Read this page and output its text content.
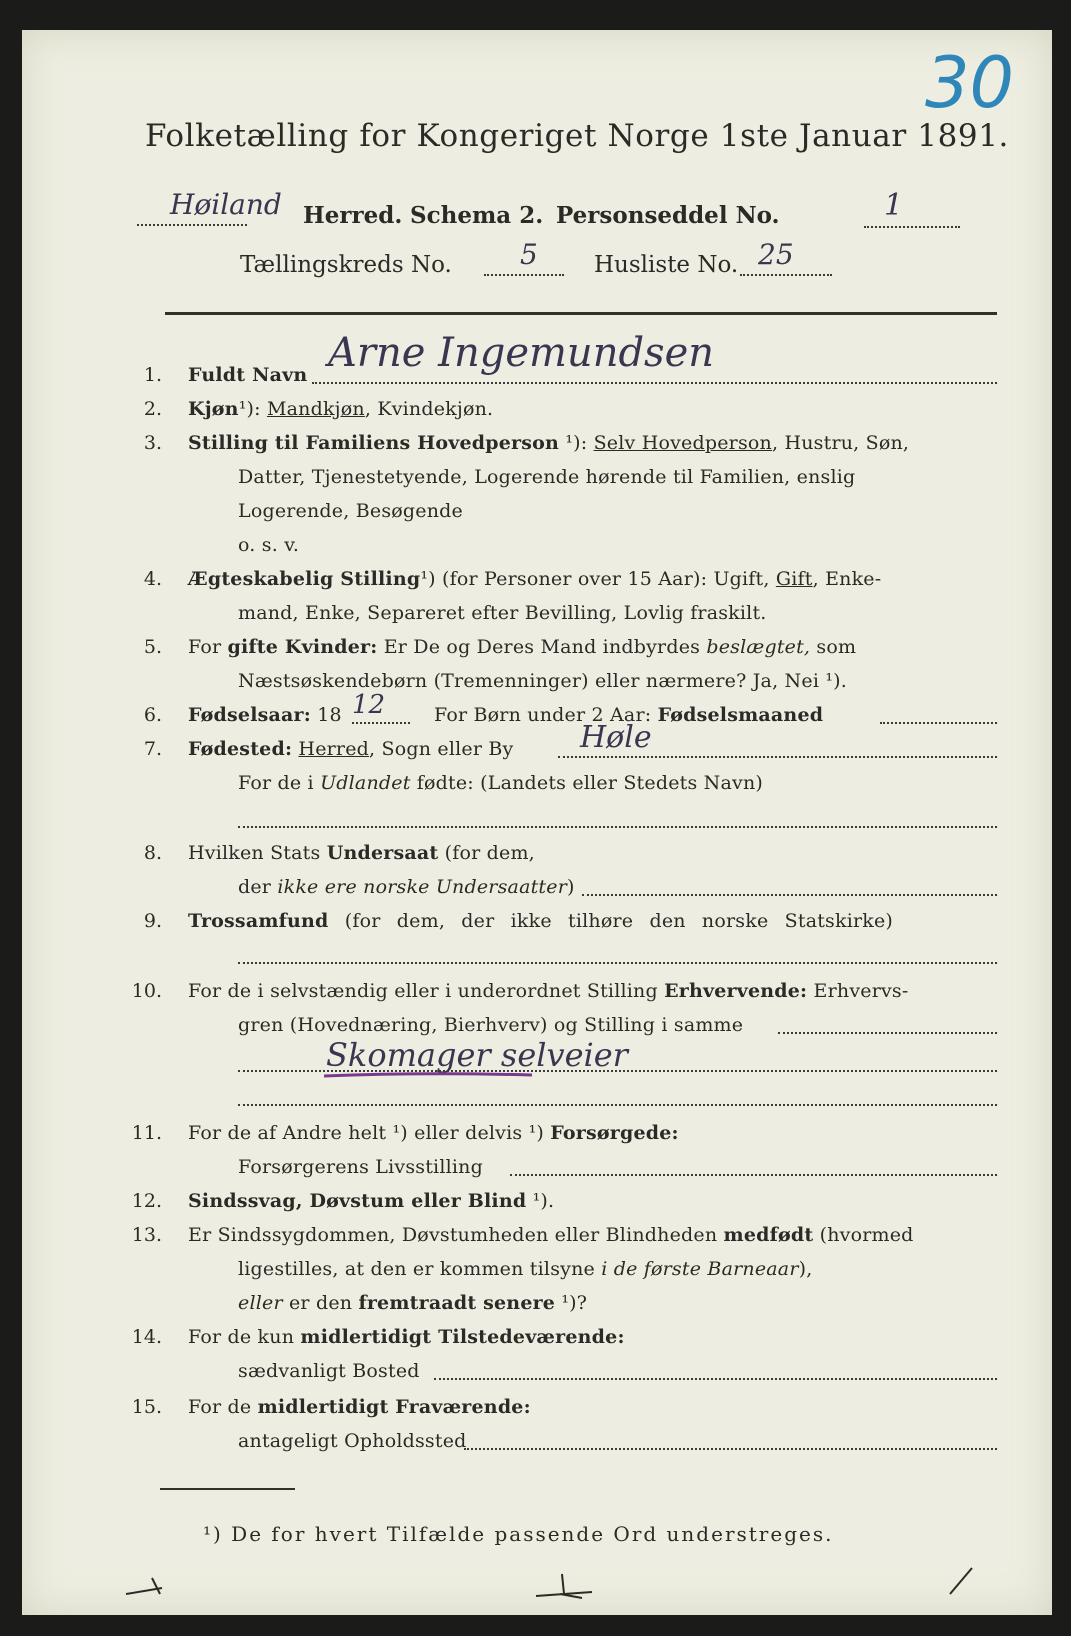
30
Folketælling for Kongeriget Norge 1ste Januar 1891.
Høiland Herred. Schema 2. Personseddel No.	1
Tællingskreds No. 5 Husliste No. 25
1. Fuldt Navn Arne Ingemundsen
2. Kjøn¹): Mandkjøn, Kvindekjøn.
3. Stilling til Familiens Hovedperson ¹): Selv Hovedperson, Hustru, Søn,
Datter, Tjenestetyende, Logerende hørende til Familien, enslig
Logerende, Besøgende
o. s. v.
4. Ægteskabelig Stilling¹) (for Personer over 15 Aar): Ugift, Gift, Enke-
mand, Enke, Separeret efter Bevilling, Lovlig fraskilt.
5. For gifte Kvinder: Er De og Deres Mand indbyrdes beslægtet, som
Næstsøskendebørn (Tremenninger) eller nærmere? Ja, Nei ¹).
6. Fødselsaar: 18 12	For Børn under 2 Aar: Fødselsmaaned
7. Fødested: Herred, Sogn eller By Høle
For de i Udlandet fødte: (Landets eller Stedets Navn)
8. Hvilken Stats Undersaat (for dem,
der ikke ere norske Undersaatter)
9. Trossamfund (for dem, der ikke tilhøre den norske Statskirke)
10. For de i selvstændig eller i underordnet Stilling Erhvervende: Erhvervs-
gren (Hovednæring, Bierhverv) og Stilling i samme
Skomager selveier
11. For de af Andre helt ¹) eller delvis ¹) Forsørgede:
Forsørgerens Livsstilling
12. Sindssvag, Døvstum eller Blind ¹).
13. Er Sindssygdommen, Døvstumheden eller Blindheden medfødt (hvormed
ligestilles, at den er kommen tilsyne i de første Barneaar),
eller er den fremtraadt senere ¹)?
14. For de kun midlertidigt Tilstedeværende:
sædvanligt Bosted
15. For de midlertidigt Fraværende:
antageligt Opholdssted
¹) De for hvert Tilfælde passende Ord understreges.
